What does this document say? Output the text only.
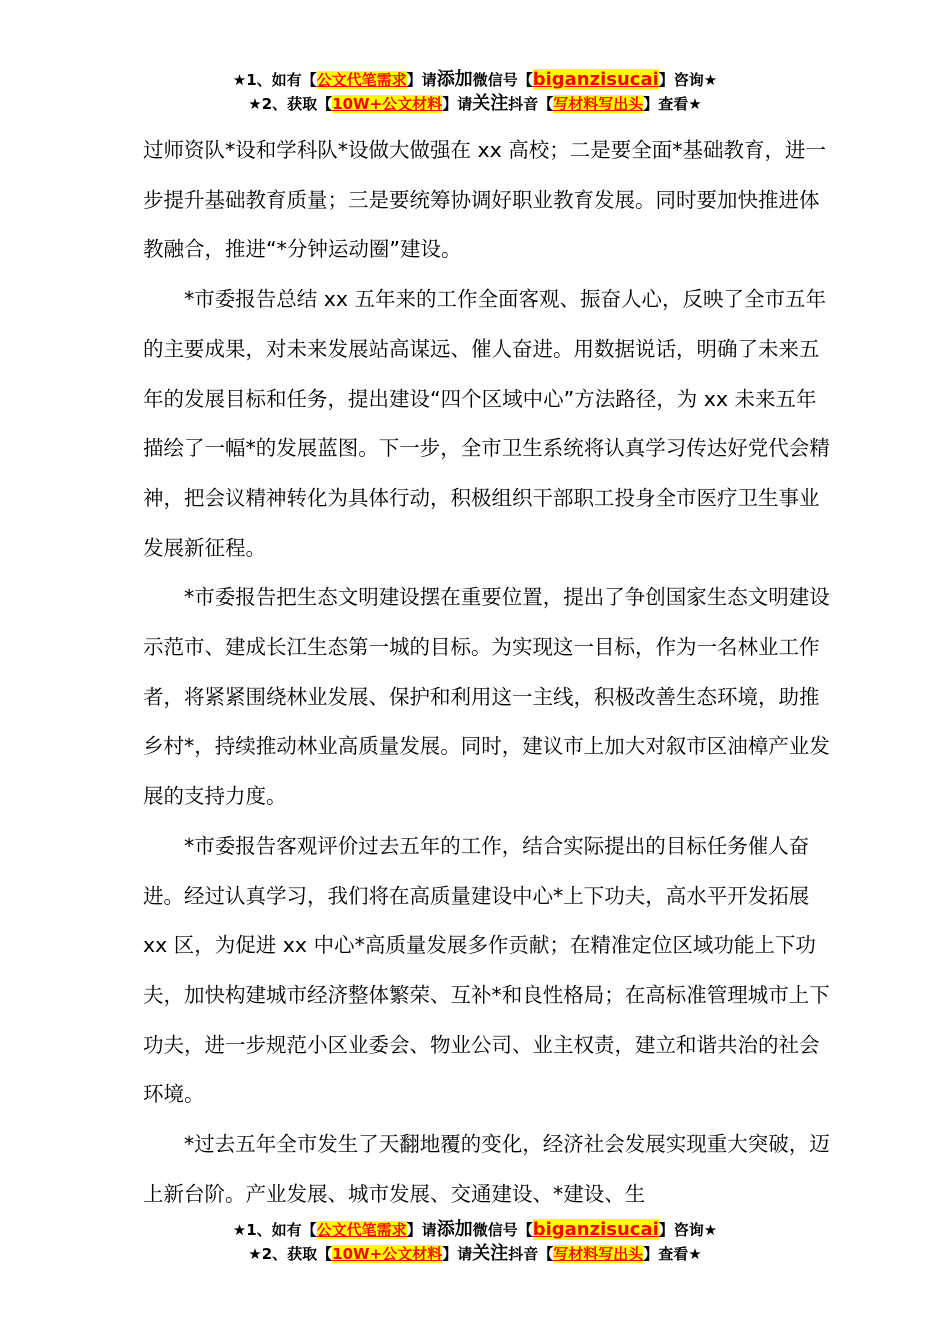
★1、如有【公文代笔需求】请添加微信号【biganzisucai】咨询★
★2、获取【10W+公文材料】请关注抖音【写材料写出头】查看★

过师资队*设和学科队*设做大做强在 xx 高校；二是要全面*基础教育，进一步提升基础教育质量；三是要统筹协调好职业教育发展。同时要加快推进体教融合，推进“*分钟运动圈”建设。

*市委报告总结 xx 五年来的工作全面客观、振奋人心，反映了全市五年的主要成果，对未来发展站高谋远、催人奋进。用数据说话，明确了未来五年的发展目标和任务，提出建设“四个区域中心”方法路径，为 xx 未来五年描绘了一幅*的发展蓝图。下一步，全市卫生系统将认真学习传达好党代会精神，把会议精神转化为具体行动，积极组织干部职工投身全市医疗卫生事业发展新征程。

*市委报告把生态文明建设摆在重要位置，提出了争创国家生态文明建设示范市、建成长江生态第一城的目标。为实现这一目标，作为一名林业工作者，将紧紧围绕林业发展、保护和利用这一主线，积极改善生态环境，助推乡村*，持续推动林业高质量发展。同时，建议市上加大对叙市区油樟产业发展的支持力度。

*市委报告客观评价过去五年的工作，结合实际提出的目标任务催人奋进。经过认真学习，我们将在高质量建设中心*上下功夫，高水平开发拓展 xx 区，为促进 xx 中心*高质量发展多作贡献；在精准定位区域功能上下功夫，加快构建城市经济整体繁荣、互补*和良性格局；在高标准管理城市上下功夫，进一步规范小区业委会、物业公司、业主权责，建立和谐共治的社会环境。

*过去五年全市发生了天翻地覆的变化，经济社会发展实现重大突破，迈上新台阶。产业发展、城市发展、交通建设、*建设、生

★1、如有【公文代笔需求】请添加微信号【biganzisucai】咨询★
★2、获取【10W+公文材料】请关注抖音【写材料写出头】查看★
